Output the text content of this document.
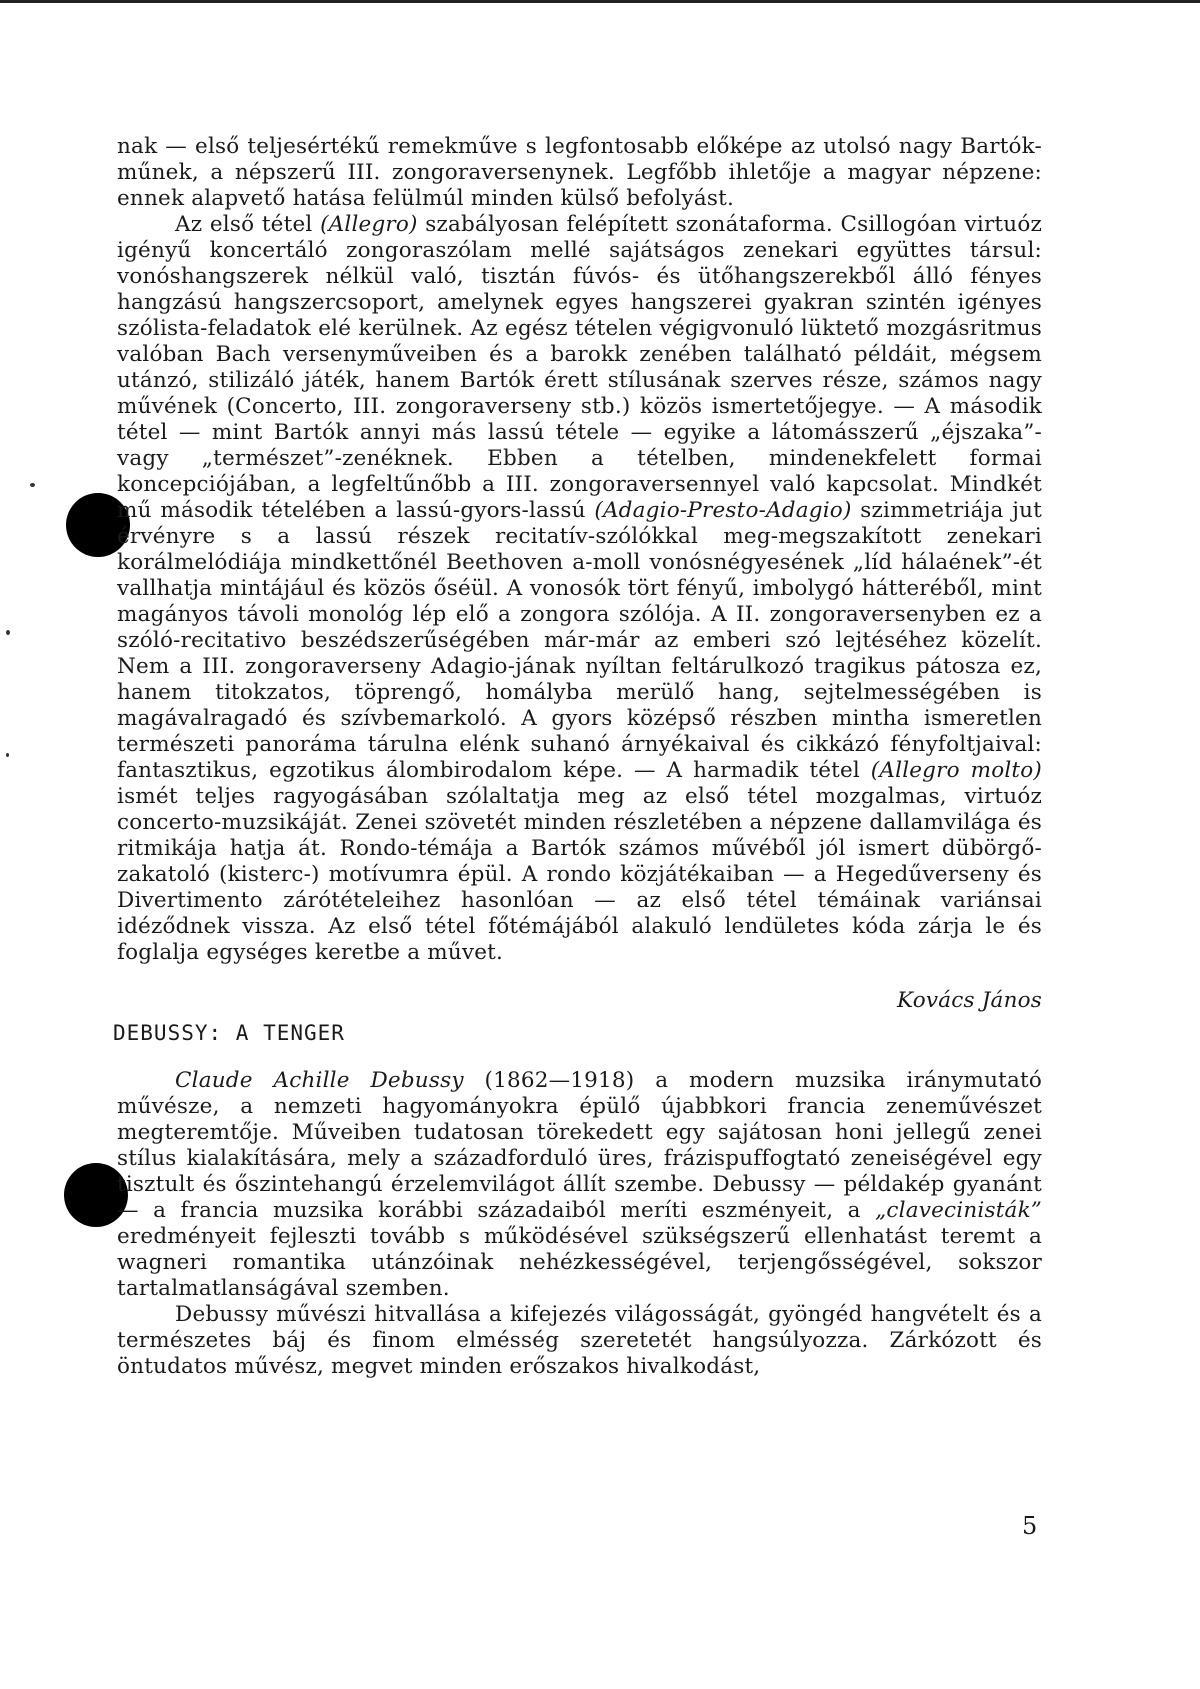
nak — első teljesértékű remekműve s legfontosabb előképe az utolsó nagy Bartók-műnek, a népszerű III. zongoraversenynek. Legfőbb ihletője a magyar népzene: ennek alapvető hatása felülmúl minden külső befolyást.

Az első tétel (Allegro) szabályosan felépített szonátaforma. Csillogóan virtuóz igényű koncertáló zongoraszólam mellé sajátságos zenekari együttes társul: vonóshangszerek nélkül való, tisztán fúvós- és ütőhangszerekből álló fényes hangzású hangszercsoport, amelynek egyes hangszerei gyakran szintén igényes szólista-feladatok elé kerülnek. Az egész tételen végigvonuló lüktető mozgásritmus valóban Bach versenyműveiben és a barokk zenében található példáit, mégsem utánzó, stilizáló játék, hanem Bartók érett stílusának szerves része, számos nagy művének (Concerto, III. zongoraverseny stb.) közös ismertetőjegye. — A második tétel — mint Bartók annyi más lassú tétele — egyike a látomásszerű „éjszaka”- vagy „természet”-zenéknek. Ebben a tételben, mindenekfelett formai koncepciójában, a legfeltűnőbb a III. zongoraversennyel való kapcsolat. Mindkét mű második tételében a lassú-gyors-lassú (Adagio-Presto-Adagio) szimmetriája jut érvényre s a lassú részek recitatív-szólókkal meg-megszakított zenekari korálmelódiája mindkettőnél Beethoven a-moll vonósnégyesének „líd hálaének”-ét vallhatja mintájául és közös őséül. A vonosók tört fényű, imbolygó hátteréből, mint magányos távoli monológ lép elő a zongora szólója. A II. zongoraversenyben ez a szóló-recitativo beszédszerűségében már-már az emberi szó lejtéséhez közelít. Nem a III. zongoraverseny Adagio-jának nyíltan feltárulkozó tragikus pátosza ez, hanem titokzatos, töprengő, homályba merülő hang, sejtelmességében is magávalragadó és szívbemarkoló. A gyors középső részben mintha ismeretlen természeti panoráma tárulna elénk suhanó árnyékaival és cikkázó fényfoltjaival: fantasztikus, egzotikus álombirodalom képe. — A harmadik tétel (Allegro molto) ismét teljes ragyogásában szólaltatja meg az első tétel mozgalmas, virtuóz concerto-muzsikáját. Zenei szövetét minden részletében a népzene dallamvilága és ritmikája hatja át. Rondo-témája a Bartók számos művéből jól ismert dübörgő-zakatoló (kisterc-) motívumra épül. A rondo közjátékaiban — a Hegedűverseny és Divertimento zárótételeihez hasonlóan — az első tétel témáinak variánsai idéződnek vissza. Az első tétel főtémájából alakuló lendületes kóda zárja le és foglalja egységes keretbe a művet.

Kovács János

DEBUSSY: A TENGER

Claude Achille Debussy (1862—1918) a modern muzsika iránymutató művésze, a nemzeti hagyományokra épülő újabbkori francia zeneművészet megteremtője. Műveiben tudatosan törekedett egy sajátosan honi jellegű zenei stílus kialakítására, mely a századforduló üres, frázispuffogtató zeneiségével egy tisztult és őszintehangú érzelemvilágot állít szembe. Debussy — példakép gyanánt — a francia muzsika korábbi századaiból meríti eszményeit, a „clavecinisták” eredményeit fejleszti tovább s működésével szükségszerű ellenhatást teremt a wagneri romantika utánzóinak nehézkességével, terjengősségével, sokszor tartalmatlanságával szemben.

Debussy művészi hitvallása a kifejezés világosságát, gyöngéd hangvételt és a természetes báj és finom elmésség szeretetét hangsúlyozza. Zárkózott és öntudatos művész, megvet minden erőszakos hivalkodást,

5
